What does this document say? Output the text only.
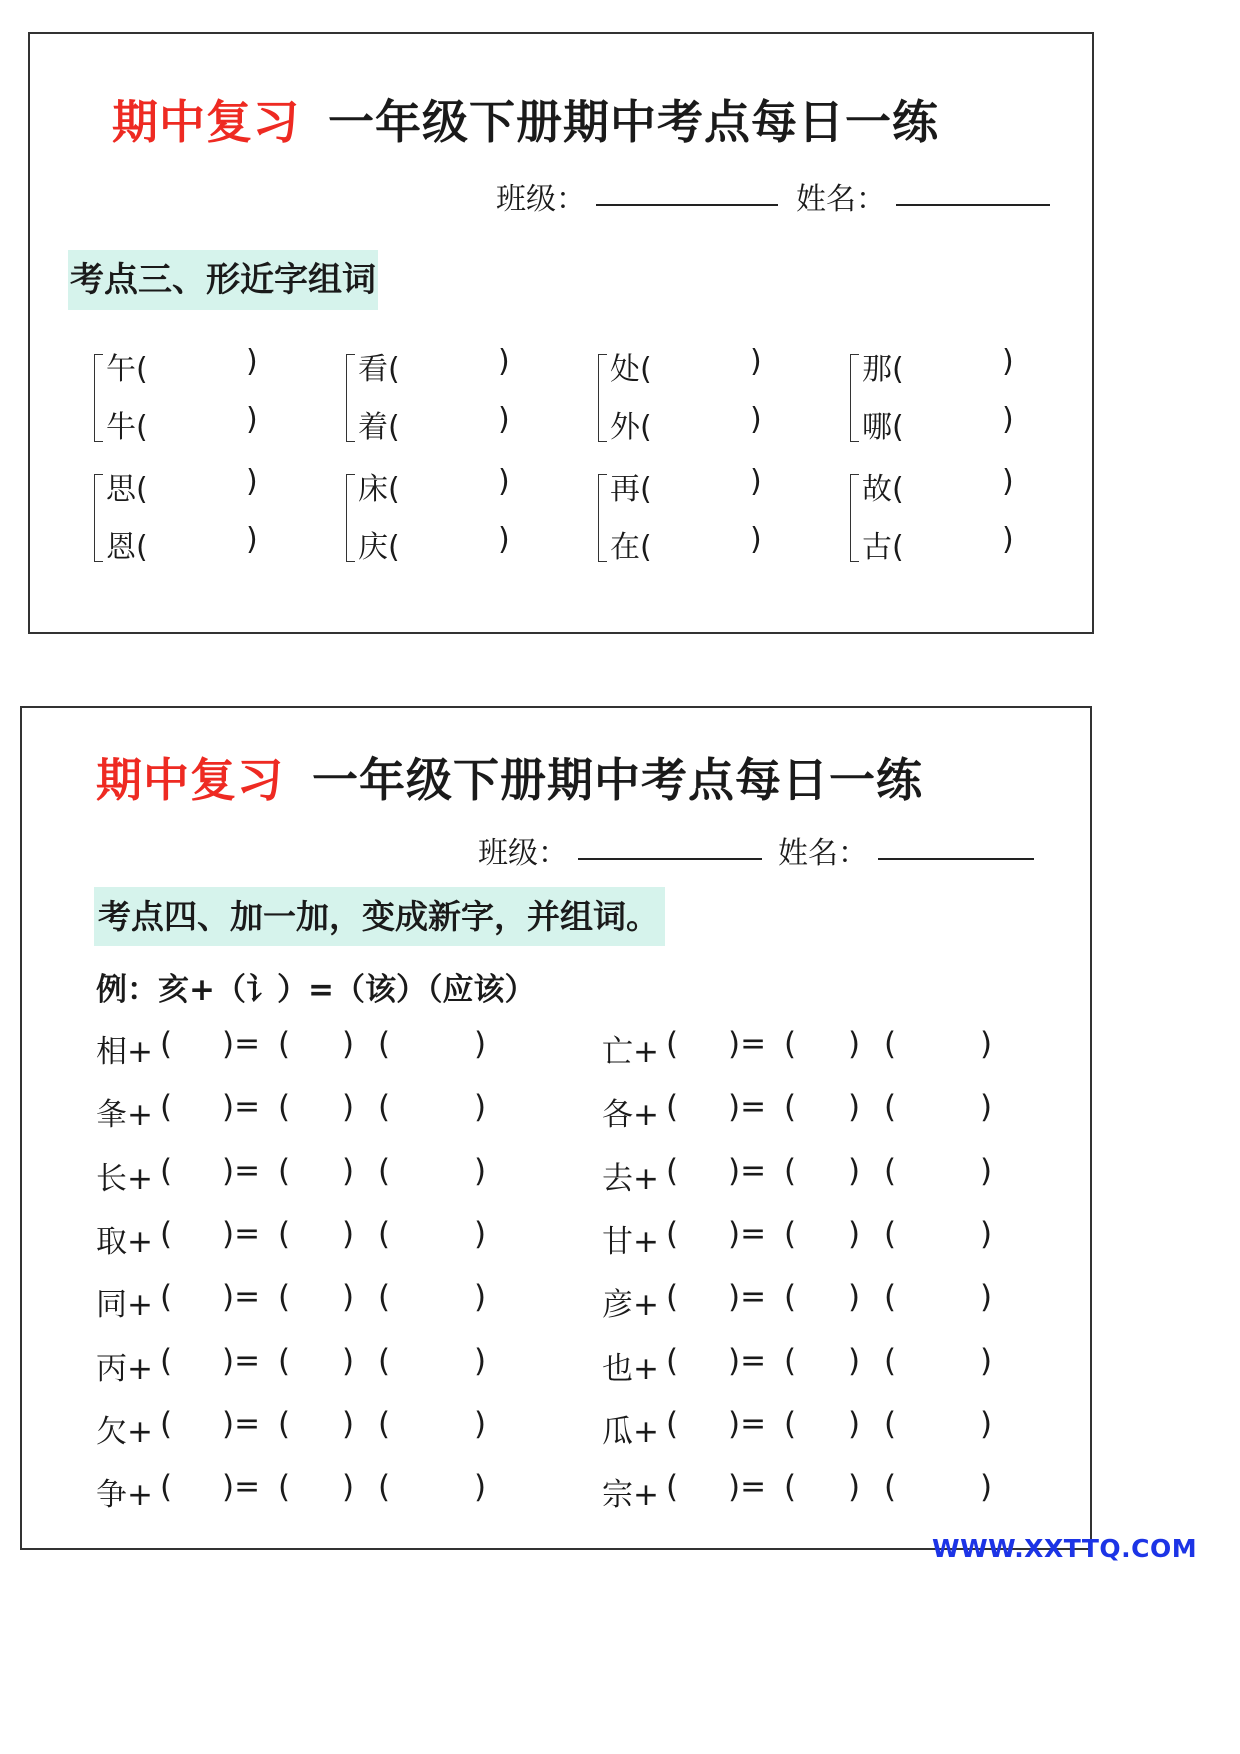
期中复习 一年级下册期中考点每日一练
班级：	姓名：
考点三、形近字组词
午(	)
牛(	)
看(	)
着(	)
处(	)
外(	)
那(	)
哪(	)
思(	)
恩(	)
床(	)
庆(	)
再(	)
在(	)
故(	)
古(	)
期中复习 一年级下册期中考点每日一练
班级：	姓名：
考点四、加一加，变成新字，并组词。
例：亥+（讠）=（该）（应该）
相+ ( )= ( ) (	)
夆+ ( )= ( ) (	)
长+ ( )= ( ) (	)
取+ ( )= ( ) (	)
同+ ( )= ( ) (	)
丙+ ( )= ( ) (	)
欠+ ( )= ( ) (	)
争+ ( )= ( ) (	)
亡+ ( )= ( ) (	)
各+ ( )= ( ) (	)
去+ ( )= ( ) (	)
甘+ ( )= ( ) (	)
彦+ ( )= ( ) (	)
也+ ( )= ( ) (	)
瓜+ ( )= ( ) (	)
宗+ ( )= ( ) (	)
WWW.XXTTQ.COM
